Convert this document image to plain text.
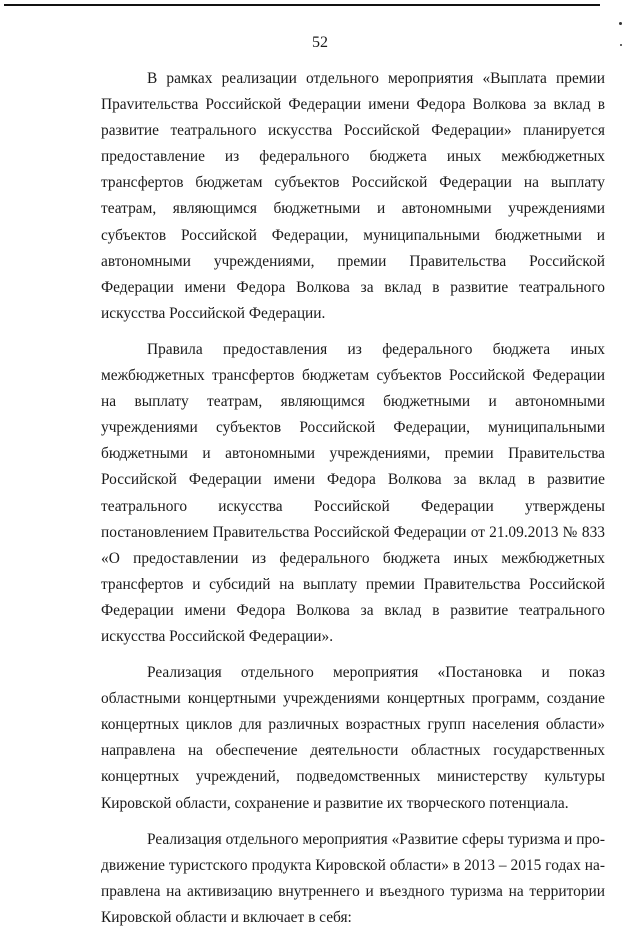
52

В рамках реализации отдельного мероприятия «Выплата премии Праvительства Российской Федерации имени Федора Волкова за вклад в развитие театрального искусства Российской Федерации» планируется предоставление из федерального бюджета иных межбюджетных трансфертов бюджетам субъектов Российской Федерации на выплату театрам, являющимся бюджетными и автономными учреждениями субъектов Российской Федерации, муниципальными бюджетными и автономными учреждениями, премии Правительства Российской Федерации имени Федора Волкова за вклад в развитие театрального искусства Российской Федерации.

Правила предоставления из федерального бюджета иных межбюджетных трансфертов бюджетам субъектов Российской Федерации на выплату театрам, являющимся бюджетными и автономными учреждениями субъектов Российской Федерации, муниципальными бюджетными и автономными учреждениями, премии Правительства Российской Федерации имени Федора Волкова за вклад в развитие театрального искусства Российской Федерации утверждены постановлением Правительства Российской Федерации от 21.09.2013 № 833 «О предоставлении из федерального бюджета иных межбюджетных трансфертов и субсидий на выплату премии Правительства Российской Федерации имени Федора Волкова за вклад в развитие театрального искусства Российской Федерации».

Реализация отдельного мероприятия «Постановка и показ областными концертными учреждениями концертных программ, создание концертных циклов для различных возрастных групп населения области» направлена на обеспечение деятельности областных государственных концертных учреждений, подведомственных министерству культуры Кировской области, сохранение и развитие их творческого потенциала.

Реализация отдельного мероприятия «Развитие сферы туризма и продвижение туристского продукта Кировской области» в 2013 – 2015 годах направлена на активизацию внутреннего и въездного туризма на территории Кировской области и включает в себя:
